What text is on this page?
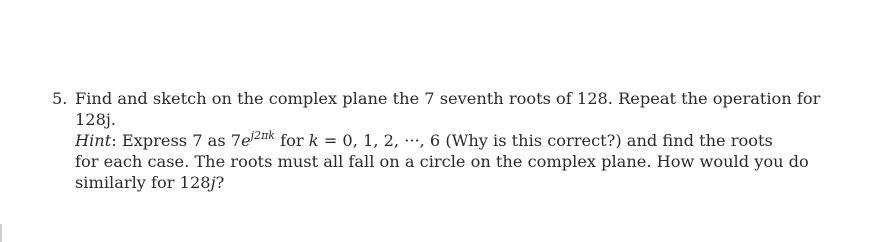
5. Find and sketch on the complex plane the 7 seventh roots of 128. Repeat the operation for
128j.
Hint: Express 7 as $7e^{j2\pi k}$ for k = 0, 1, 2, ···, 6 (Why is this correct?) and find the roots
for each case. The roots must all fall on a circle on the complex plane. How would you do
similarly for 128j?
